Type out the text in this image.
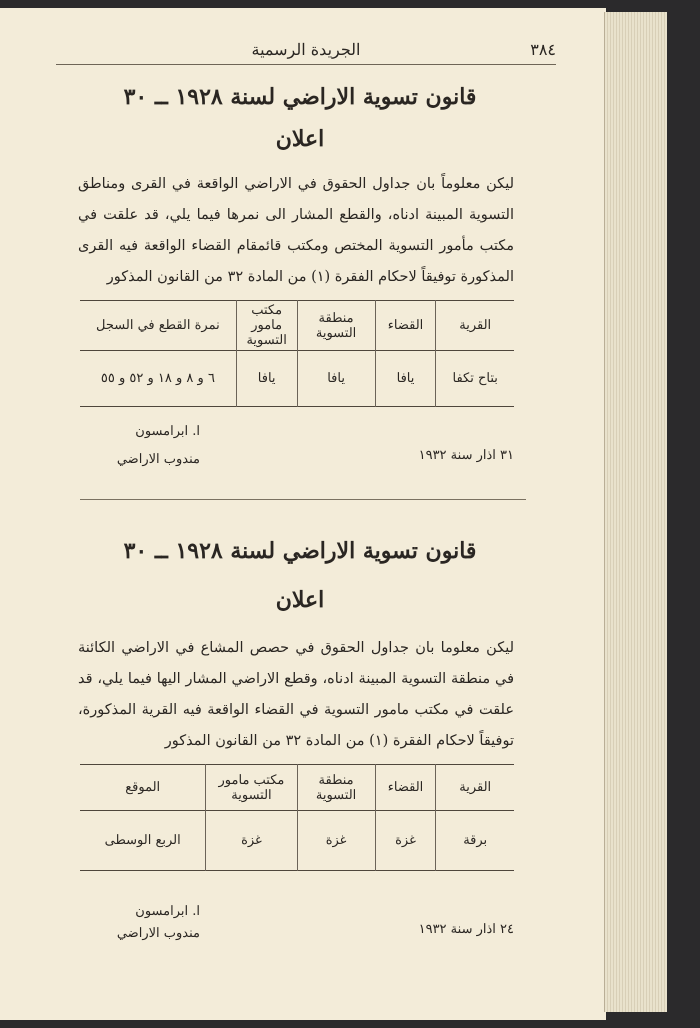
٣٨٤
الجريدة الرسمية
قانون تسوية الاراضي لسنة ١٩٢٨ ــ ٣٠
اعلان
ليكن معلوماً بان جداول الحقوق في الاراضي الواقعة في القرى ومناطق التسوية المبينة ادناه، والقطع المشار الى نمرها فيما يلي، قد علقت في مكتب مأمور التسوية المختص ومكتب قائمقام القضاء الواقعة فيه القرى المذكورة توفيقاً لاحكام الفقرة (١) من المادة ٣٢ من القانون المذكور
القرية	القضاء	منطقة التسوية	مكتب مامور التسوية	نمرة القطع في السجل
بتاح تكفا	يافا	يافا	يافا	٦ و ٨ و ١٨ و ٥٢ و ٥٥
ا. ابرامسون
٣١ اذار سنة ١٩٣٢
مندوب الاراضي
قانون تسوية الاراضي لسنة ١٩٢٨ ــ ٣٠
اعلان
ليكن معلوما بان جداول الحقوق في حصص المشاع في الاراضي الكائنة في منطقة التسوية المبينة ادناه، وقطع الاراضي المشار اليها فيما يلي، قد علقت في مكتب مامور التسوية في القضاء الواقعة فيه القرية المذكورة، توفيقاً لاحكام الفقرة (١) من المادة ٣٢ من القانون المذكور
القرية	القضاء	منطقة التسوية	مكتب مامور التسوية	الموقع
برقة	غزة	غزة	غزة	الربع الوسطى
ا. ابرامسون
٢٤ اذار سنة ١٩٣٢
مندوب الاراضي
